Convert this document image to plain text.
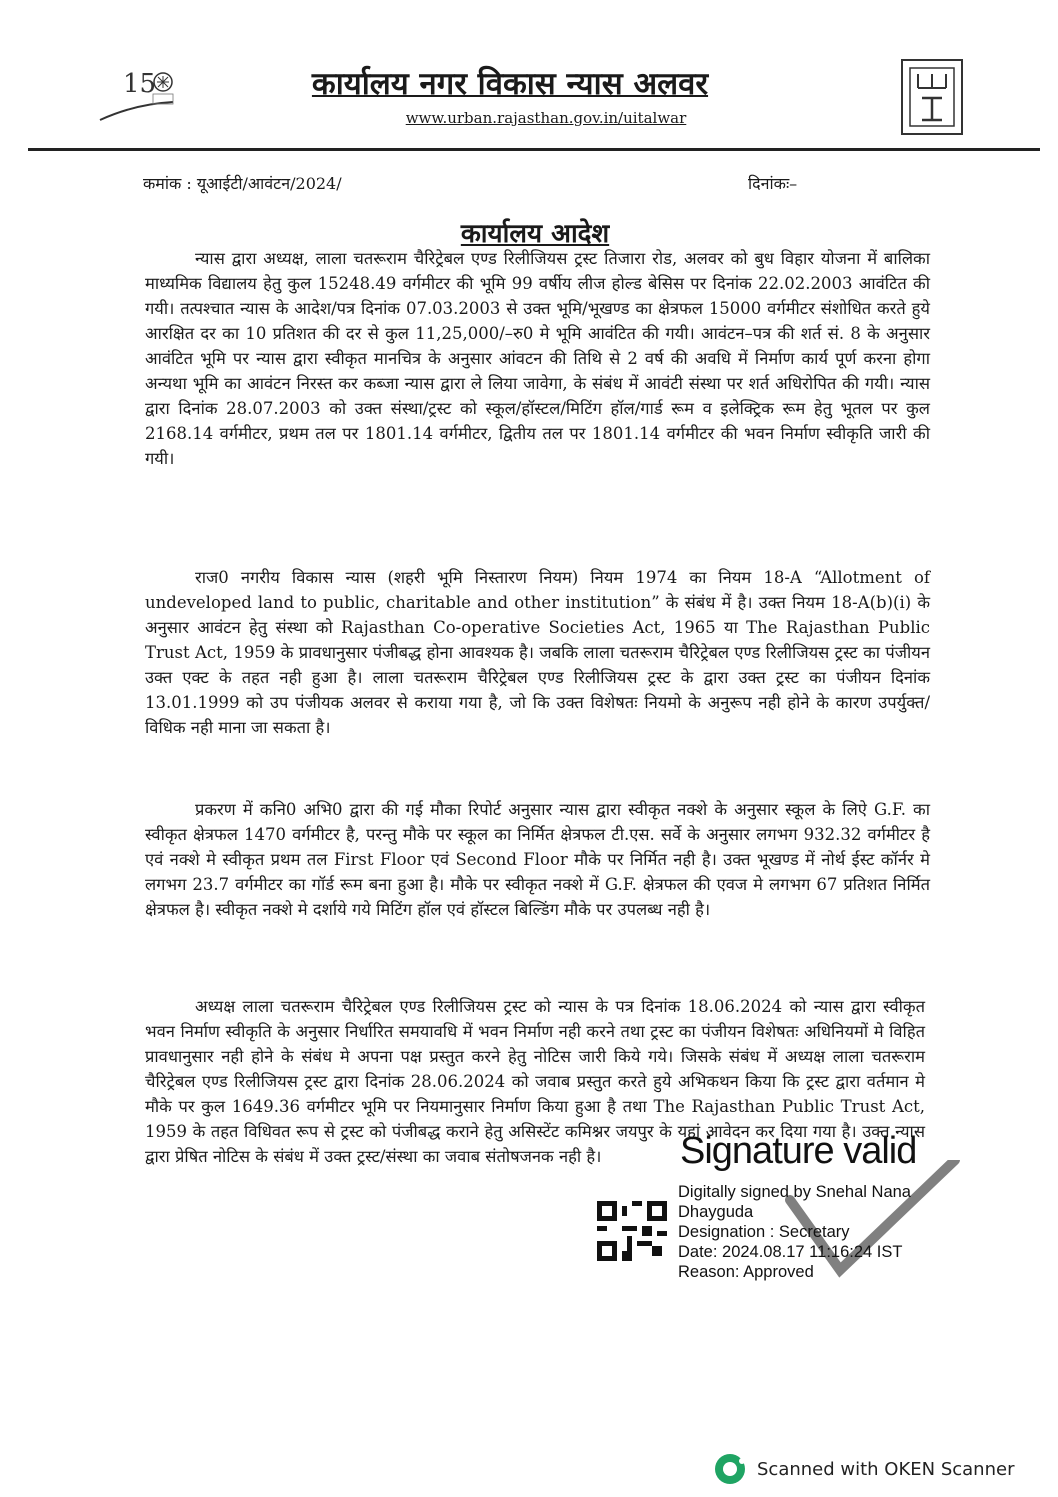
15	कार्यालय नगर विकास न्यास अलवर
www.urban.rajasthan.gov.in/uitalwar
कमांक : यूआईटी/आवंटन/2024/	दिनांकः–
कार्यालय आदेश
न्यास द्वारा अध्यक्ष, लाला चतरूराम चैरिट्रेबल एण्ड रिलीजियस ट्रस्ट तिजारा रोड, अलवर को बुध विहार योजना में बालिका माध्यमिक विद्यालय हेतु कुल 15248.49 वर्गमीटर की भूमि 99 वर्षीय लीज होल्ड बेसिस पर दिनांक 22.02.2003 आवंटित की गयी। तत्पश्चात न्यास के आदेश/पत्र दिनांक 07.03.2003 से उक्त भूमि/भूखण्ड का क्षेत्रफल 15000 वर्गमीटर संशोधित करते हुये आरक्षित दर का 10 प्रतिशत की दर से कुल 11,25,000/–रु0 मे भूमि आवंटित की गयी। आवंटन–पत्र की शर्त सं. 8 के अनुसार आवंटित भूमि पर न्यास द्वारा स्वीकृत मानचित्र के अनुसार आंवटन की तिथि से 2 वर्ष की अवधि में निर्माण कार्य पूर्ण करना होगा अन्यथा भूमि का आवंटन निरस्त कर कब्जा न्यास द्वारा ले लिया जावेगा, के संबंध में आवंटी संस्था पर शर्त अधिरोपित की गयी। न्यास द्वारा दिनांक 28.07.2003 को उक्त संस्था/ट्रस्ट को स्कूल/हॉस्टल/मिटिंग हॉल/गार्ड रूम व इलेक्ट्रिक रूम हेतु भूतल पर कुल 2168.14 वर्गमीटर, प्रथम तल पर 1801.14 वर्गमीटर, द्वितीय तल पर 1801.14 वर्गमीटर की भवन निर्माण स्वीकृति जारी की गयी।
राज0 नगरीय विकास न्यास (शहरी भूमि निस्तारण नियम) नियम 1974 का नियम 18-A “Allotment of undeveloped land to public, charitable and other institution” के संबंध में है। उक्त नियम 18-A(b)(i) के अनुसार आवंटन हेतु संस्था को Rajasthan Co-operative Societies Act, 1965 या The Rajasthan Public Trust Act, 1959 के प्रावधानुसार पंजीबद्ध होना आवश्यक है। जबकि लाला चतरूराम चैरिट्रेबल एण्ड रिलीजियस ट्रस्ट का पंजीयन उक्त एक्ट के तहत नही हुआ है। लाला चतरूराम चैरिट्रेबल एण्ड रिलीजियस ट्रस्ट के द्वारा उक्त ट्रस्ट का पंजीयन दिनांक 13.01.1999 को उप पंजीयक अलवर से कराया गया है, जो कि उक्त विशेषतः नियमो के अनुरूप नही होने के कारण उपर्युक्त/विधिक नही माना जा सकता है।
प्रकरण में कनि0 अभि0 द्वारा की गई मौका रिपोर्ट अनुसार न्यास द्वारा स्वीकृत नक्शे के अनुसार स्कूल के लिऐ G.F. का स्वीकृत क्षेत्रफल 1470 वर्गमीटर है, परन्तु मौके पर स्कूल का निर्मित क्षेत्रफल टी.एस. सर्वे के अनुसार लगभग 932.32 वर्गमीटर है एवं नक्शे मे स्वीकृत प्रथम तल First Floor एवं Second Floor मौके पर निर्मित नही है। उक्त भूखण्ड में नोर्थ ईस्ट कॉर्नर मे लगभग 23.7 वर्गमीटर का गॉर्ड रूम बना हुआ है। मौके पर स्वीकृत नक्शे में G.F. क्षेत्रफल की एवज मे लगभग 67 प्रतिशत निर्मित क्षेत्रफल है। स्वीकृत नक्शे मे दर्शाये गये मिटिंग हॉल एवं हॉस्टल बिल्डिंग मौके पर उपलब्ध नही है।
अध्यक्ष लाला चतरूराम चैरिट्रेबल एण्ड रिलीजियस ट्रस्ट को न्यास के पत्र दिनांक 18.06.2024 को न्यास द्वारा स्वीकृत भवन निर्माण स्वीकृति के अनुसार निर्धारित समयावधि में भवन निर्माण नही करने तथा ट्रस्ट का पंजीयन विशेषतः अधिनियमों मे विहित प्रावधानुसार नही होने के संबंध मे अपना पक्ष प्रस्तुत करने हेतु नोटिस जारी किये गये। जिसके संबंध में अध्यक्ष लाला चतरूराम चैरिट्रेबल एण्ड रिलीजियस ट्रस्ट द्वारा दिनांक 28.06.2024 को जवाब प्रस्तुत करते हुये अभिकथन किया कि ट्रस्ट द्वारा वर्तमान मे मौके पर कुल 1649.36 वर्गमीटर भूमि पर नियमानुसार निर्माण किया हुआ है तथा The Rajasthan Public Trust Act, 1959 के तहत विधिवत रूप से ट्रस्ट को पंजीबद्ध कराने हेतु असिस्टेंट कमिश्नर जयपुर के यहां आवेदन कर दिया गया है। उक्त न्यास द्वारा प्रेषित नोटिस के संबंध में उक्त ट्रस्ट/संस्था का जवाब संतोषजनक नही है।	Signature valid
Digitally signed by Snehal Nana
Dhayguda
Designation : Secretary
Date: 2024.08.17 11:16:24 IST
Reason: Approved
Scanned with OKEN Scanner
